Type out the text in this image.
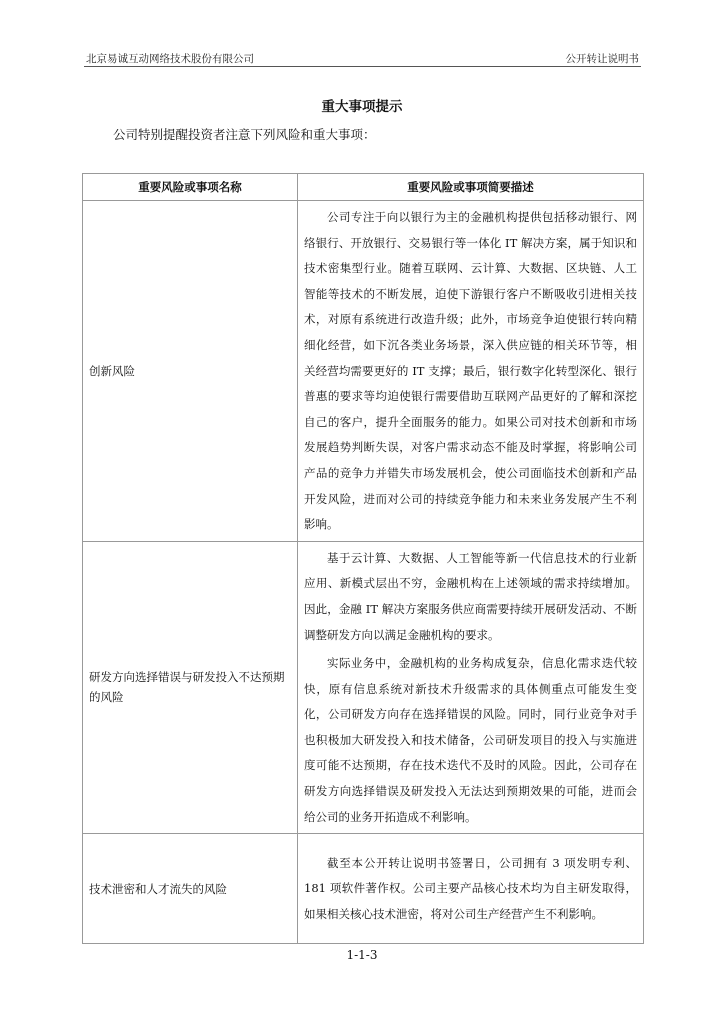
北京易诚互动网络技术股份有限公司	公开转让说明书
重大事项提示
公司特别提醒投资者注意下列风险和重大事项：
重要风险或事项名称	重要风险或事项简要描述
创新风险	公司专注于向以银行为主的金融机构提供包括移动银行、网络银行、开放银行、交易银行等一体化 IT 解决方案，属于知识和技术密集型行业。随着互联网、云计算、大数据、区块链、人工智能等技术的不断发展，迫使下游银行客户不断吸收引进相关技术，对原有系统进行改造升级；此外，市场竞争迫使银行转向精细化经营，如下沉各类业务场景，深入供应链的相关环节等，相关经营均需要更好的 IT 支撑；最后，银行数字化转型深化、银行普惠的要求等均迫使银行需要借助互联网产品更好的了解和深挖自己的客户，提升全面服务的能力。如果公司对技术创新和市场发展趋势判断失误，对客户需求动态不能及时掌握，将影响公司产品的竞争力并错失市场发展机会，使公司面临技术创新和产品开发风险，进而对公司的持续竞争能力和未来业务发展产生不利影响。

研发方向选择错误与研发投入不达预期的风险	基于云计算、大数据、人工智能等新一代信息技术的行业新应用、新模式层出不穷，金融机构在上述领域的需求持续增加。因此，金融 IT 解决方案服务供应商需要持续开展研发活动、不断调整研发方向以满足金融机构的要求。

实际业务中，金融机构的业务构成复杂，信息化需求迭代较快，原有信息系统对新技术升级需求的具体侧重点可能发生变化，公司研发方向存在选择错误的风险。同时，同行业竞争对手也积极加大研发投入和技术储备，公司研发项目的投入与实施进度可能不达预期，存在技术迭代不及时的风险。因此，公司存在研发方向选择错误及研发投入无法达到预期效果的可能，进而会给公司的业务开拓造成不利影响。

技术泄密和人才流失的风险	截至本公开转让说明书签署日，公司拥有 3 项发明专利、181 项软件著作权。公司主要产品核心技术均为自主研发取得，如果相关核心技术泄密，将对公司生产经营产生不利影响。

1-1-3
